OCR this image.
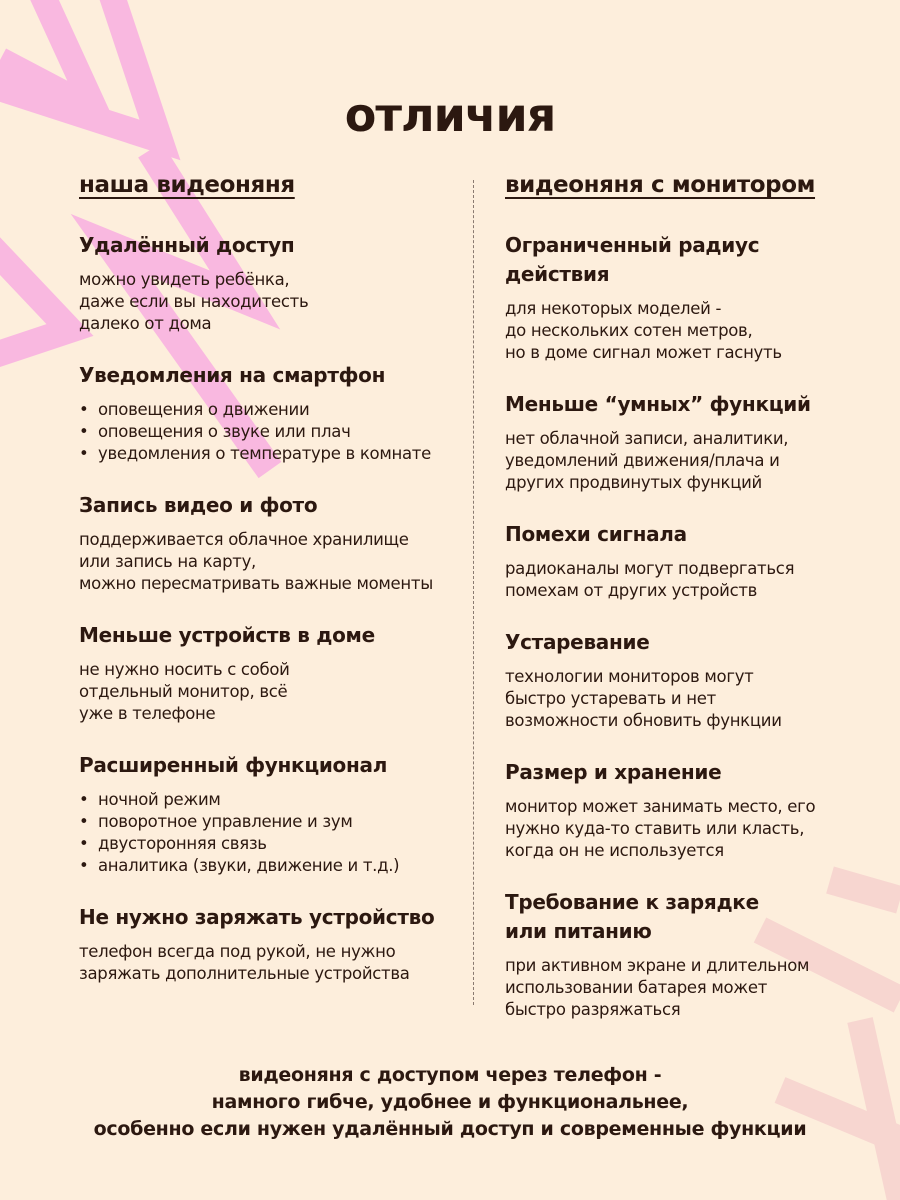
отличия
наша видеоняня
Удалённый доступ
можно увидеть ребёнка,
даже если вы находитесть
далеко от дома
Уведомления на смартфон
• оповещения о движении
• оповещения о звуке или плач
• уведомления о температуре в комнате
Запись видео и фото
поддерживается облачное хранилище
или запись на карту,
можно пересматривать важные моменты
Меньше устройств в доме
не нужно носить с собой
отдельный монитор, всё
уже в телефоне
Расширенный функционал
• ночной режим
• поворотное управление и зум
• двусторонняя связь
• аналитика (звуки, движение и т.д.)
Не нужно заряжать устройство
телефон всегда под рукой, не нужно
заряжать дополнительные устройства
видеоняня с монитором
Ограниченный радиус действия
для некоторых моделей -
до нескольких сотен метров,
но в доме сигнал может гаснуть
Меньше “умных” функций
нет облачной записи, аналитики,
уведомлений движения/плача и
других продвинутых функций
Помехи сигнала
радиоканалы могут подвергаться
помехам от других устройств
Устаревание
технологии мониторов могут
быстро устаревать и нет
возможности обновить функции
Размер и хранение
монитор может занимать место, его
нужно куда-то ставить или класть,
когда он не используется
Требование к зарядке или питанию
при активном экране и длительном
использовании батарея может
быстро разряжаться
видеоняня с доступом через телефон -
намного гибче, удобнее и функциональнее,
особенно если нужен удалённый доступ и современные функции
